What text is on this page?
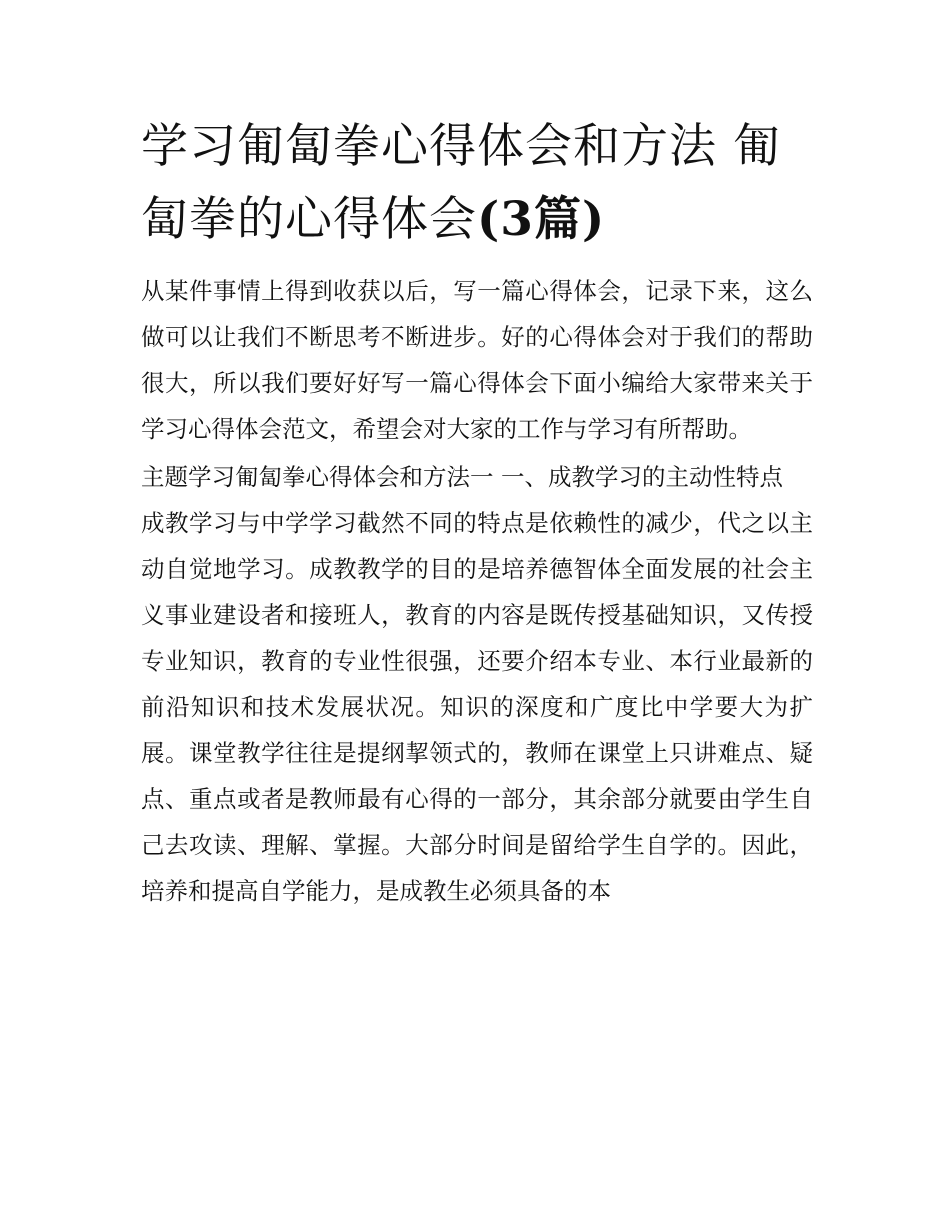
学习匍匐拳心得体会和方法 匍匐拳的心得体会(3篇)

从某件事情上得到收获以后，写一篇心得体会，记录下来，这么做可以让我们不断思考不断进步。好的心得体会对于我们的帮助很大，所以我们要好好写一篇心得体会下面小编给大家带来关于学习心得体会范文，希望会对大家的工作与学习有所帮助。

主题学习匍匐拳心得体会和方法一 一、成教学习的主动性特点

成教学习与中学学习截然不同的特点是依赖性的减少，代之以主动自觉地学习。成教教学的目的是培养德智体全面发展的社会主义事业建设者和接班人，教育的内容是既传授基础知识，又传授专业知识，教育的专业性很强，还要介绍本专业、本行业最新的前沿知识和技术发展状况。知识的深度和广度比中学要大为扩展。课堂教学往往是提纲挈领式的，教师在课堂上只讲难点、疑点、重点或者是教师最有心得的一部分，其余部分就要由学生自己去攻读、理解、掌握。大部分时间是留给学生自学的。因此，培养和提高自学能力，是成教生必须具备的本
